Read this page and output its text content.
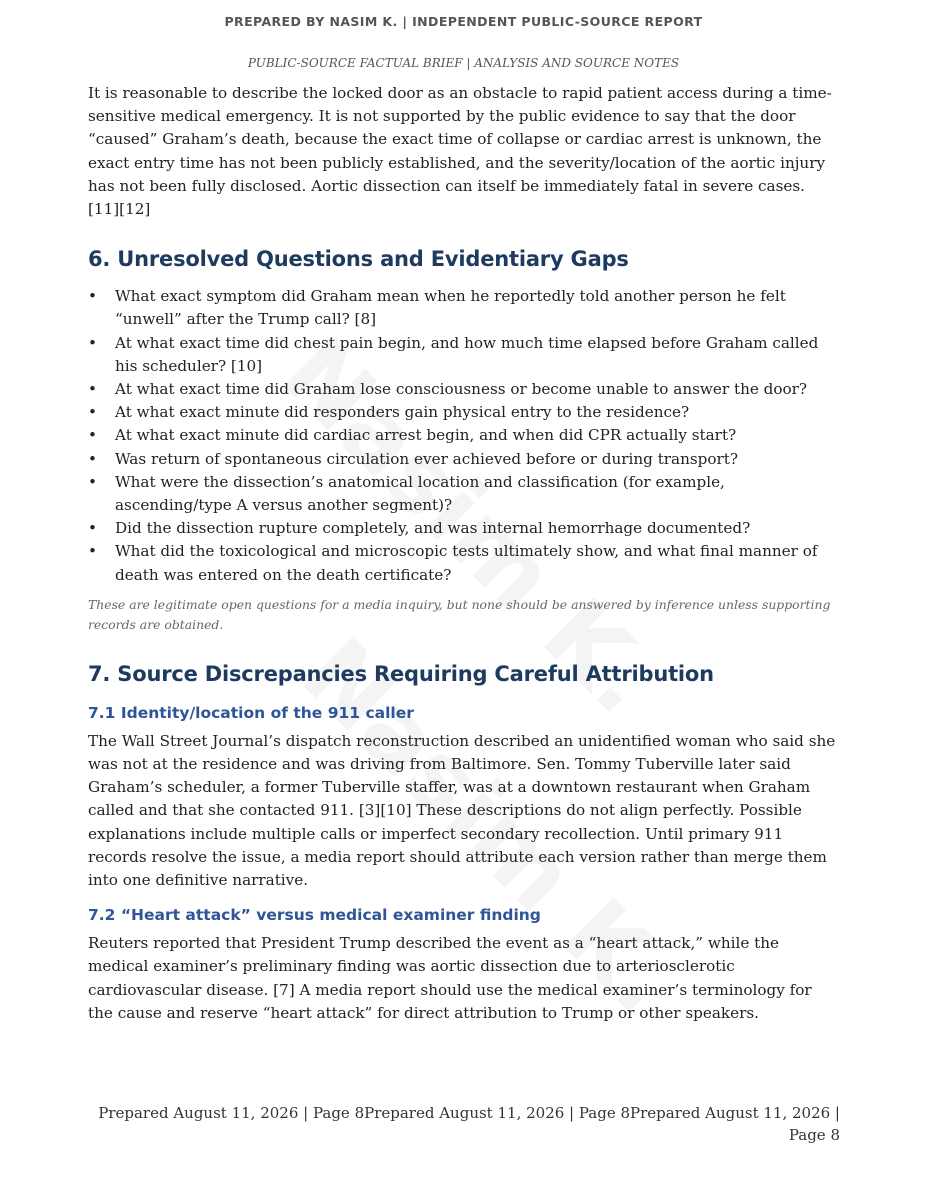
PREPARED BY NASIM K. | INDEPENDENT PUBLIC-SOURCE REPORT
PUBLIC-SOURCE FACTUAL BRIEF | ANALYSIS AND SOURCE NOTES

It is reasonable to describe the locked door as an obstacle to rapid patient access during a time-sensitive medical emergency. It is not supported by the public evidence to say that the door “caused” Graham’s death, because the exact time of collapse or cardiac arrest is unknown, the exact entry time has not been publicly established, and the severity/location of the aortic injury has not been fully disclosed. Aortic dissection can itself be immediately fatal in severe cases. [11][12]

6. Unresolved Questions and Evidentiary Gaps
• What exact symptom did Graham mean when he reportedly told another person he felt “unwell” after the Trump call? [8]
• At what exact time did chest pain begin, and how much time elapsed before Graham called his scheduler? [10]
• At what exact time did Graham lose consciousness or become unable to answer the door?
• At what exact minute did responders gain physical entry to the residence?
• At what exact minute did cardiac arrest begin, and when did CPR actually start?
• Was return of spontaneous circulation ever achieved before or during transport?
• What were the dissection’s anatomical location and classification (for example, ascending/type A versus another segment)?
• Did the dissection rupture completely, and was internal hemorrhage documented?
• What did the toxicological and microscopic tests ultimately show, and what final manner of death was entered on the death certificate?

These are legitimate open questions for a media inquiry, but none should be answered by inference unless supporting records are obtained.

7. Source Discrepancies Requiring Careful Attribution
7.1 Identity/location of the 911 caller

The Wall Street Journal’s dispatch reconstruction described an unidentified woman who said she was not at the residence and was driving from Baltimore. Sen. Tommy Tuberville later said Graham’s scheduler, a former Tuberville staffer, was at a downtown restaurant when Graham called and that she contacted 911. [3][10] These descriptions do not align perfectly. Possible explanations include multiple calls or imperfect secondary recollection. Until primary 911 records resolve the issue, a media report should attribute each version rather than merge them into one definitive narrative.

7.2 “Heart attack” versus medical examiner finding

Reuters reported that President Trump described the event as a “heart attack,” while the medical examiner’s preliminary finding was aortic dissection due to arteriosclerotic cardiovascular disease. [7] A media report should use the medical examiner’s terminology for the cause and reserve “heart attack” for direct attribution to Trump or other speakers.

Prepared August 11, 2026 | Page 8Prepared August 11, 2026 | Page 8Prepared August 11, 2026 | Page 8
